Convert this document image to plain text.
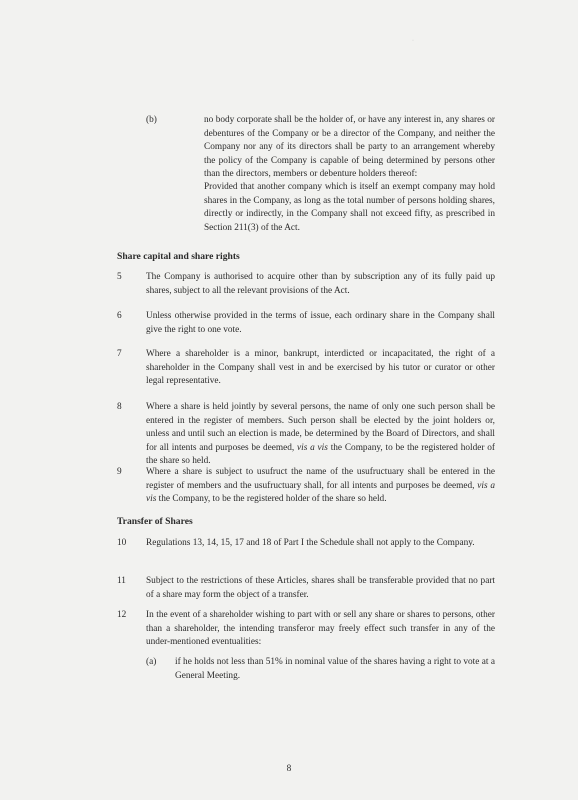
·
(b)	no body corporate shall be the holder of, or have any interest in, any shares or debentures of the Company or be a director of the Company, and neither the Company nor any of its directors shall be party to an arrangement whereby the policy of the Company is capable of being determined by persons other than the directors, members or debenture holders thereof:
Provided that another company which is itself an exempt company may hold shares in the Company, as long as the total number of persons holding shares, directly or indirectly, in the Company shall not exceed fifty, as prescribed in Section 211(3) of the Act.
Share capital and share rights
5	The Company is authorised to acquire other than by subscription any of its fully paid up shares, subject to all the relevant provisions of the Act.
6	Unless otherwise provided in the terms of issue, each ordinary share in the Company shall give the right to one vote.
7	Where a shareholder is a minor, bankrupt, interdicted or incapacitated, the right of a shareholder in the Company shall vest in and be exercised by his tutor or curator or other legal representative.
8	Where a share is held jointly by several persons, the name of only one such person shall be entered in the register of members. Such person shall be elected by the joint holders or, unless and until such an election is made, be determined by the Board of Directors, and shall for all intents and purposes be deemed, vis a vis the Company, to be the registered holder of the share so held.
9	Where a share is subject to usufruct the name of the usufructuary shall be entered in the register of members and the usufructuary shall, for all intents and purposes be deemed, vis a vis the Company, to be the registered holder of the share so held.
Transfer of Shares
10 Regulations 13, 14, 15, 17 and 18 of Part I the Schedule shall not apply to the Company.
11 Subject to the restrictions of these Articles, shares shall be transferable provided that no part of a share may form the object of a transfer.
12 In the event of a shareholder wishing to part with or sell any share or shares to persons, other than a shareholder, the intending transferor may freely effect such transfer in any of the under-mentioned eventualities:
(a) if he holds not less than 51% in nominal value of the shares having a right to vote at a General Meeting.
8
